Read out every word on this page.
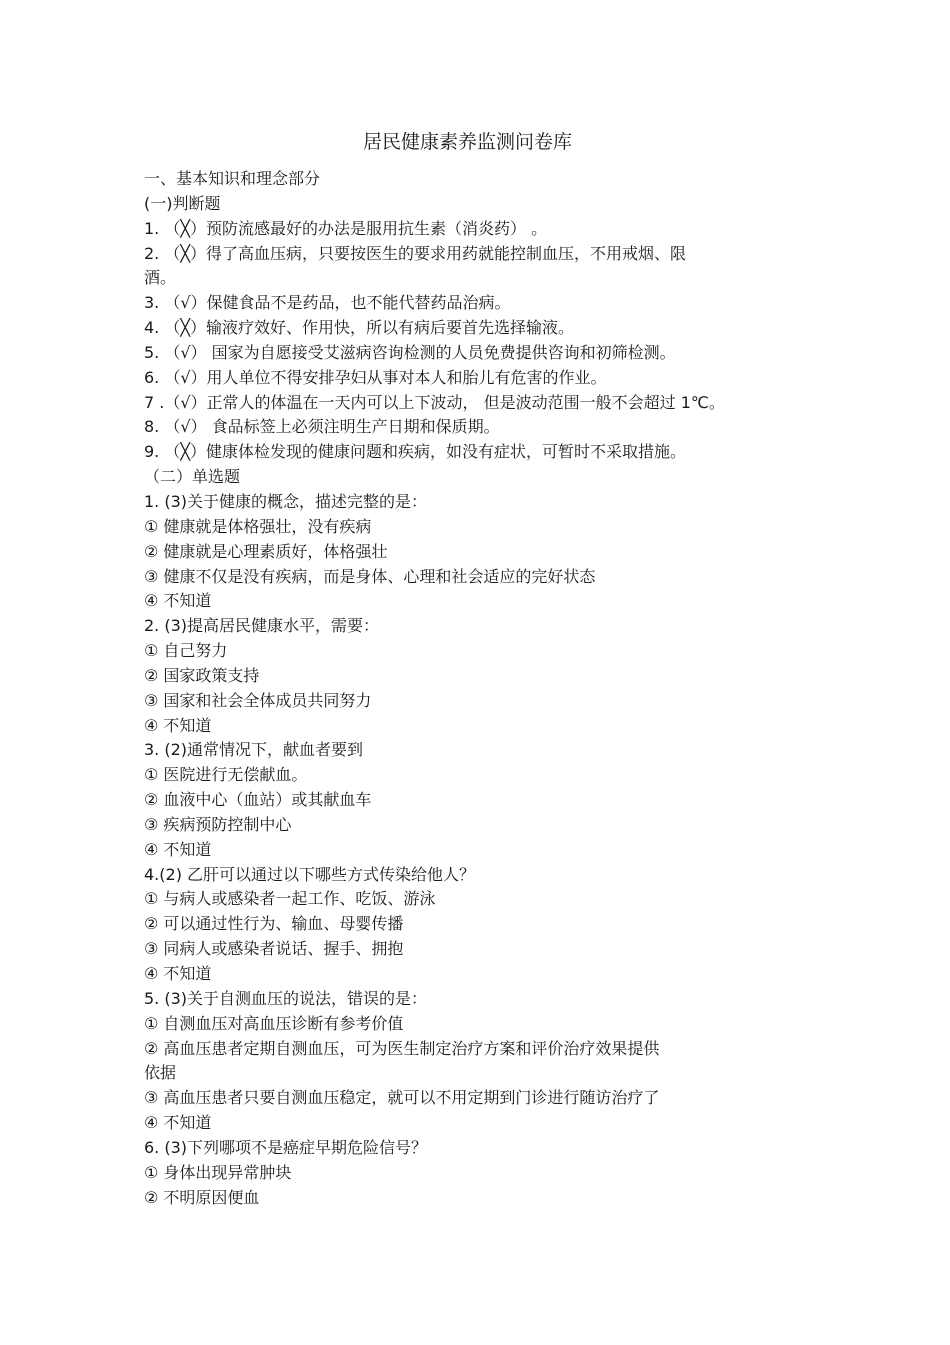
居民健康素养监测问卷库
一、基本知识和理念部分
(一)判断题
1. （╳）预防流感最好的办法是服用抗生素（消炎药） 。
2. （╳）得了高血压病，只要按医生的要求用药就能控制血压，不用戒烟、限
酒。
3. （√）保健食品不是药品，也不能代替药品治病。
4. （╳）输液疗效好、作用快，所以有病后要首先选择输液。
5. （√） 国家为自愿接受艾滋病咨询检测的人员免费提供咨询和初筛检测。
6. （√）用人单位不得安排孕妇从事对本人和胎儿有危害的作业。
7 .（√）正常人的体温在一天内可以上下波动， 但是波动范围一般不会超过 1℃。
8. （√） 食品标签上必须注明生产日期和保质期。
9. （╳）健康体检发现的健康问题和疾病，如没有症状，可暂时不采取措施。
（二）单选题
1. (3)关于健康的概念，描述完整的是：
① 健康就是体格强壮，没有疾病
② 健康就是心理素质好，体格强壮
③ 健康不仅是没有疾病，而是身体、心理和社会适应的完好状态
④ 不知道
2. (3)提高居民健康水平，需要：
① 自己努力
② 国家政策支持
③ 国家和社会全体成员共同努力
④ 不知道
3. (2)通常情况下，献血者要到
① 医院进行无偿献血。
② 血液中心（血站）或其献血车
③ 疾病预防控制中心
④ 不知道
4.(2) 乙肝可以通过以下哪些方式传染给他人？
① 与病人或感染者一起工作、吃饭、游泳
② 可以通过性行为、输血、母婴传播
③ 同病人或感染者说话、握手、拥抱
④ 不知道
5. (3)关于自测血压的说法，错误的是：
① 自测血压对高血压诊断有参考价值
② 高血压患者定期自测血压，可为医生制定治疗方案和评价治疗效果提供
依据
③ 高血压患者只要自测血压稳定，就可以不用定期到门诊进行随访治疗了
④ 不知道
6. (3)下列哪项不是癌症早期危险信号？
① 身体出现异常肿块
② 不明原因便血
